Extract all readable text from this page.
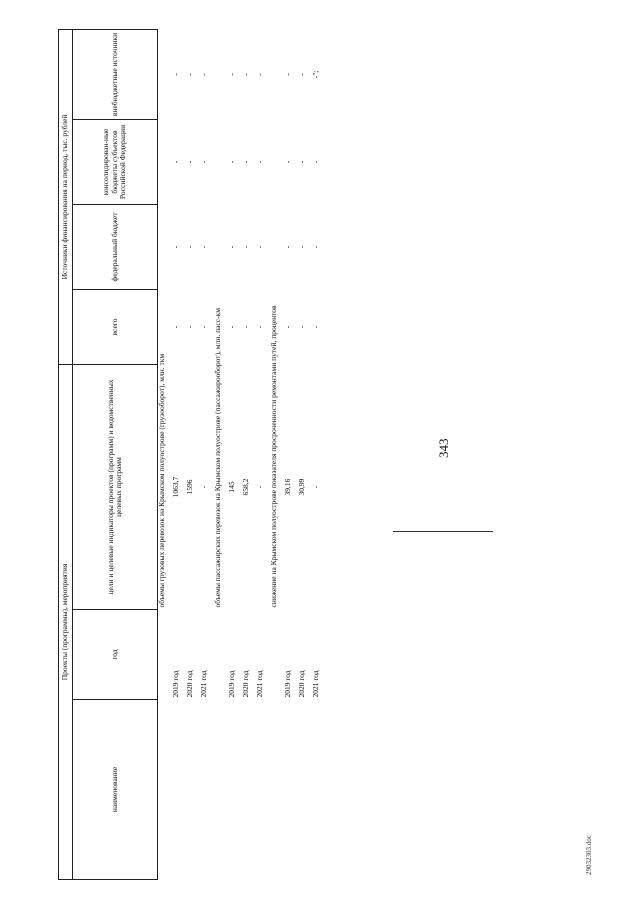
343
29032303.doc
Проекты (программы), мероприятия			Источники финансирования на период, тыс. рублей			
наименование	год	цели и целевые индикаторы проектов (программ) и ведомственных целевых программ	всего	федеральный бюджет	консолидирован-ные бюджеты субъектов Российской Федерации	внебюджетные источники
		объемы грузовых перевозок на Крымском полуострове (грузооборот), млн. ткм				
	2019 год	1063,7	-	-	-	-
	2020 год	1596	-	-	-	-
	2021 год	-	-	-	-	-
		объемы пассажирских перевозок на Крымском полуострове (пассажирооборот), млн. пасс-км				
	2019 год	145	-	-	-	-
	2020 год	658,2	-	-	-	-
	2021 год	-	-	-	-	-
		снижение на Крымском полуострове показателя просроченности ремонтами путей, процентов				
	2019 год	39,16	-	-	-	-
	2020 год	30,99	-	-	-	-
	2021 год	-	-	-	-	-";
